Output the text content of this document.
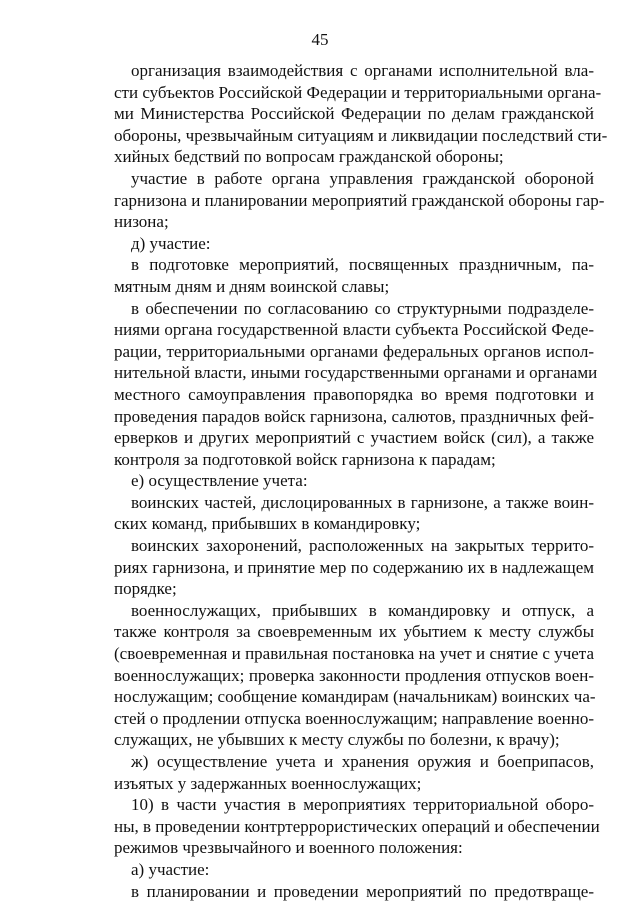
45
организация взаимодействия с органами исполнительной вла-
сти субъектов Российской Федерации и территориальными органа-
ми Министерства Российской Федерации по делам гражданской
обороны, чрезвычайным ситуациям и ликвидации последствий сти-
хийных бедствий по вопросам гражданской обороны;
участие в работе органа управления гражданской обороной
гарнизона и планировании мероприятий гражданской обороны гар-
низона;
д) участие:
в подготовке мероприятий, посвященных праздничным, па-
мятным дням и дням воинской славы;
в обеспечении по согласованию со структурными подразделе-
ниями органа государственной власти субъекта Российской Феде-
рации, территориальными органами федеральных органов испол-
нительной власти, иными государственными органами и органами
местного самоуправления правопорядка во время подготовки и
проведения парадов войск гарнизона, салютов, праздничных фей-
ерверков и других мероприятий с участием войск (сил), а также
контроля за подготовкой войск гарнизона к парадам;
е) осуществление учета:
воинских частей, дислоцированных в гарнизоне, а также воин-
ских команд, прибывших в командировку;
воинских захоронений, расположенных на закрытых террито-
риях гарнизона, и принятие мер по содержанию их в надлежащем
порядке;
военнослужащих, прибывших в командировку и отпуск, а
также контроля за своевременным их убытием к месту службы
(своевременная и правильная постановка на учет и снятие с учета
военнослужащих; проверка законности продления отпусков воен-
нослужащим; сообщение командирам (начальникам) воинских ча-
стей о продлении отпуска военнослужащим; направление военно-
служащих, не убывших к месту службы по болезни, к врачу);
ж) осуществление учета и хранения оружия и боеприпасов,
изъятых у задержанных военнослужащих;
10) в части участия в мероприятиях территориальной оборо-
ны, в проведении контртеррористических операций и обеспечении
режимов чрезвычайного и военного положения:
а) участие:
в планировании и проведении мероприятий по предотвраще-
